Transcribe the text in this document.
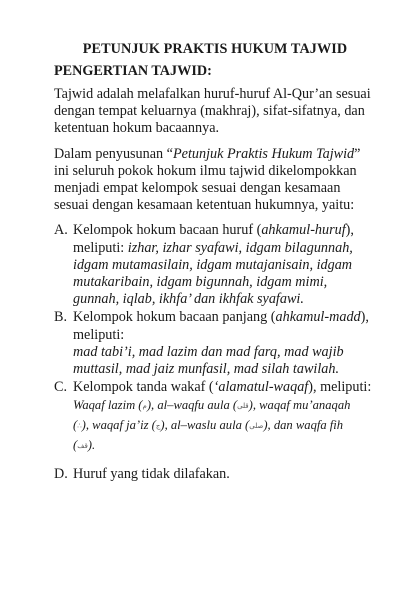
PETUNJUK PRAKTIS HUKUM TAJWID
PENGERTIAN TAJWID:
Tajwid adalah melafalkan huruf-huruf Al-Qur’an sesuai
dengan tempat keluarnya (makhraj), sifat-sifatnya, dan
ketentuan hokum bacaannya.
Dalam penyusunan “Petunjuk Praktis Hukum Tajwid”
ini seluruh pokok hokum ilmu tajwid dikelompokkan
menjadi empat kelompok sesuai dengan kesamaan
sesuai dengan kesamaan ketentuan hukumnya, yaitu:
A. Kelompok hokum bacaan huruf (ahkamul-huruf),
meliputi: izhar, izhar syafawi, idgam bilagunnah,
idgam mutamasilain, idgam mutajanisain, idgam
mutakaribain, idgam bigunnah, idgam mimi,
gunnah, iqlab, ikhfa’ dan ikhfak syafawi.
B. Kelompok hokum bacaan panjang (ahkamul-madd),
meliputi:
mad tabi’i, mad lazim dan mad farq, mad wajib
muttasil, mad jaiz munfasil, mad silah tawilah.
C. Kelompok tanda wakaf (‘alamatul-waqaf), meliputi:
Waqaf lazim (م), al–waqfu aula (قلى), waqaf mu’anaqah
(∴), waqaf ja’iz (ج), al–waslu aula (صلى), dan waqfa fih
(قف).
D. Huruf yang tidak dilafakan.
